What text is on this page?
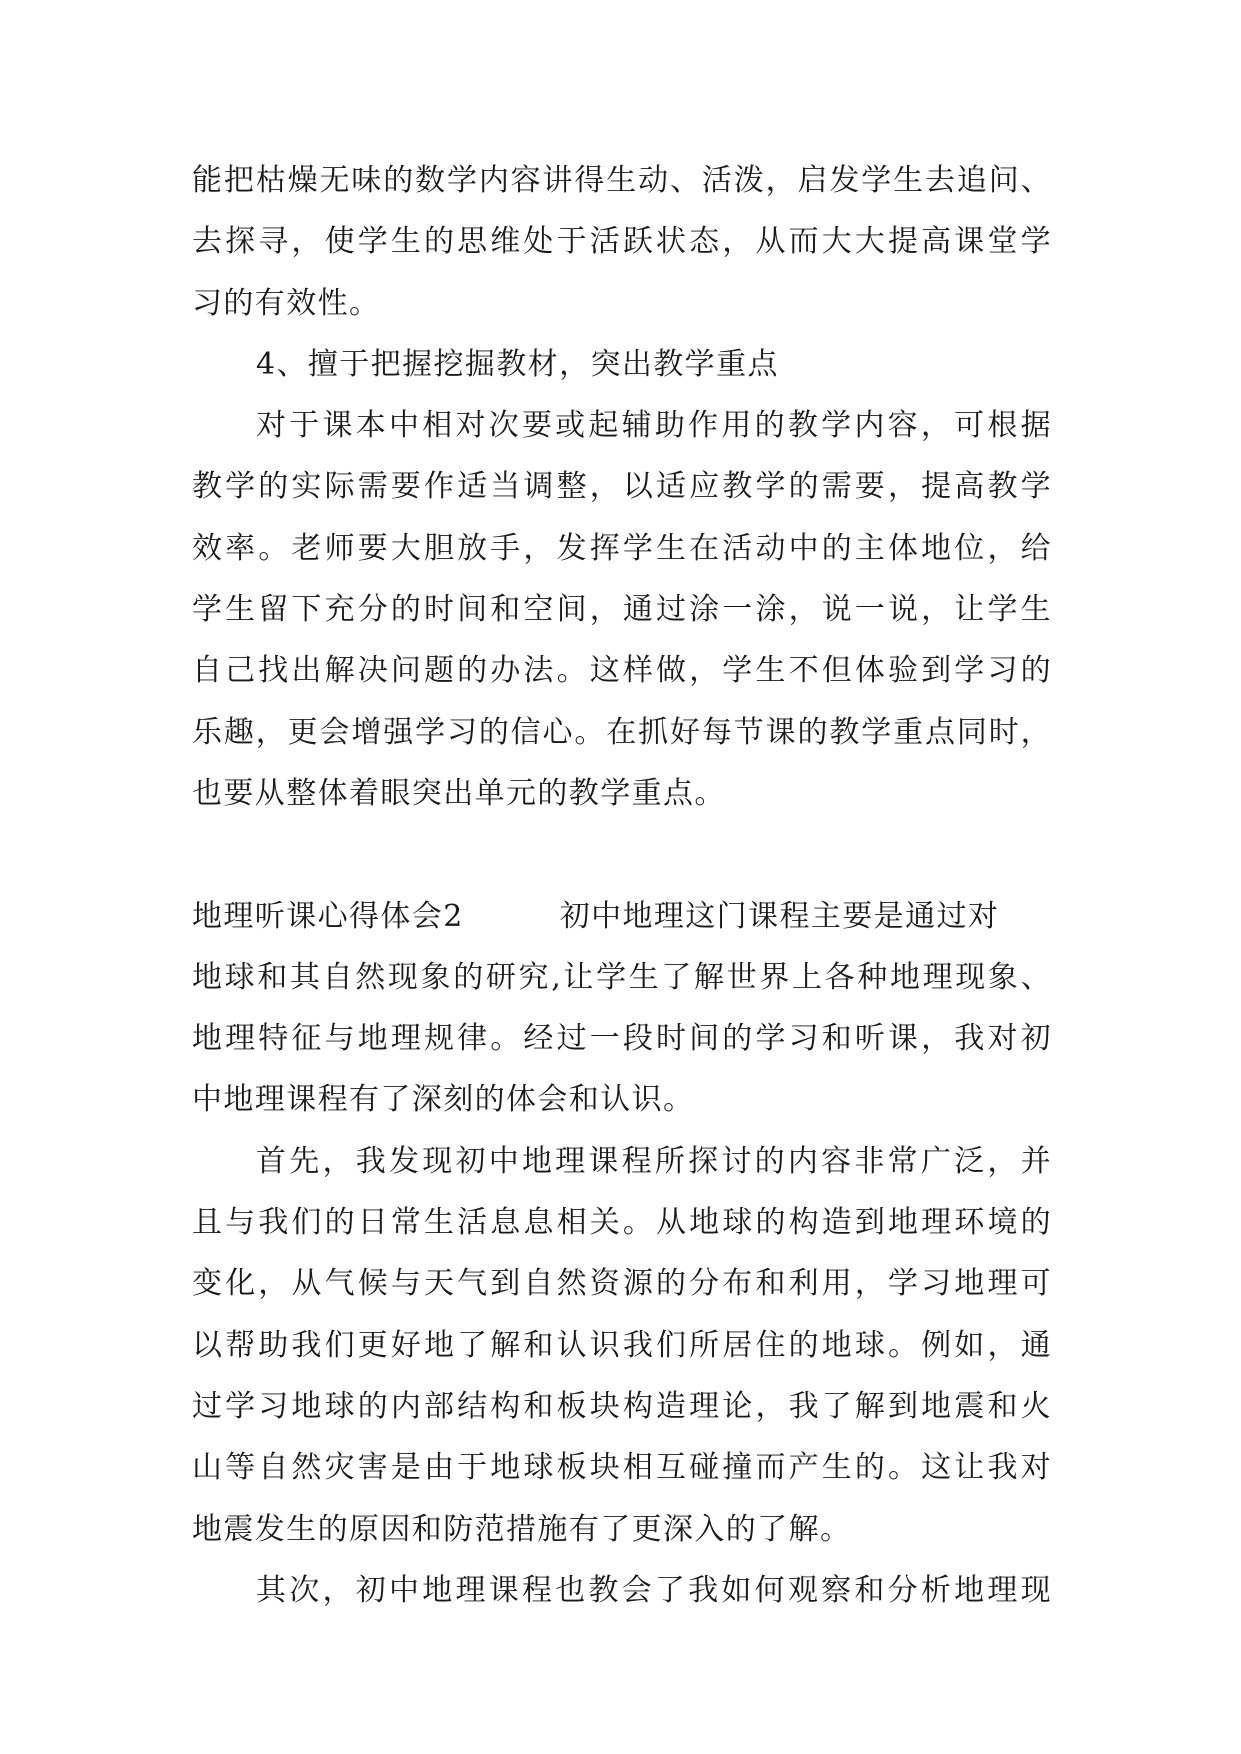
能把枯燥无味的数学内容讲得生动、活泼，启发学生去追问、
去探寻，使学生的思维处于活跃状态，从而大大提高课堂学
习的有效性。
4、擅于把握挖掘教材，突出教学重点
对于课本中相对次要或起辅助作用的教学内容，可根据
教学的实际需要作适当调整，以适应教学的需要，提高教学
效率。老师要大胆放手，发挥学生在活动中的主体地位，给
学生留下充分的时间和空间，通过涂一涂，说一说，让学生
自己找出解决问题的办法。这样做，学生不但体验到学习的
乐趣，更会增强学习的信心。在抓好每节课的教学重点同时，
也要从整体着眼突出单元的教学重点。
地理听课心得体会2	初中地理这门课程主要是通过对
地球和其自然现象的研究,让学生了解世界上各种地理现象、
地理特征与地理规律。经过一段时间的学习和听课，我对初
中地理课程有了深刻的体会和认识。
首先，我发现初中地理课程所探讨的内容非常广泛，并
且与我们的日常生活息息相关。从地球的构造到地理环境的
变化，从气候与天气到自然资源的分布和利用，学习地理可
以帮助我们更好地了解和认识我们所居住的地球。例如，通
过学习地球的内部结构和板块构造理论，我了解到地震和火
山等自然灾害是由于地球板块相互碰撞而产生的。这让我对
地震发生的原因和防范措施有了更深入的了解。
其次，初中地理课程也教会了我如何观察和分析地理现
